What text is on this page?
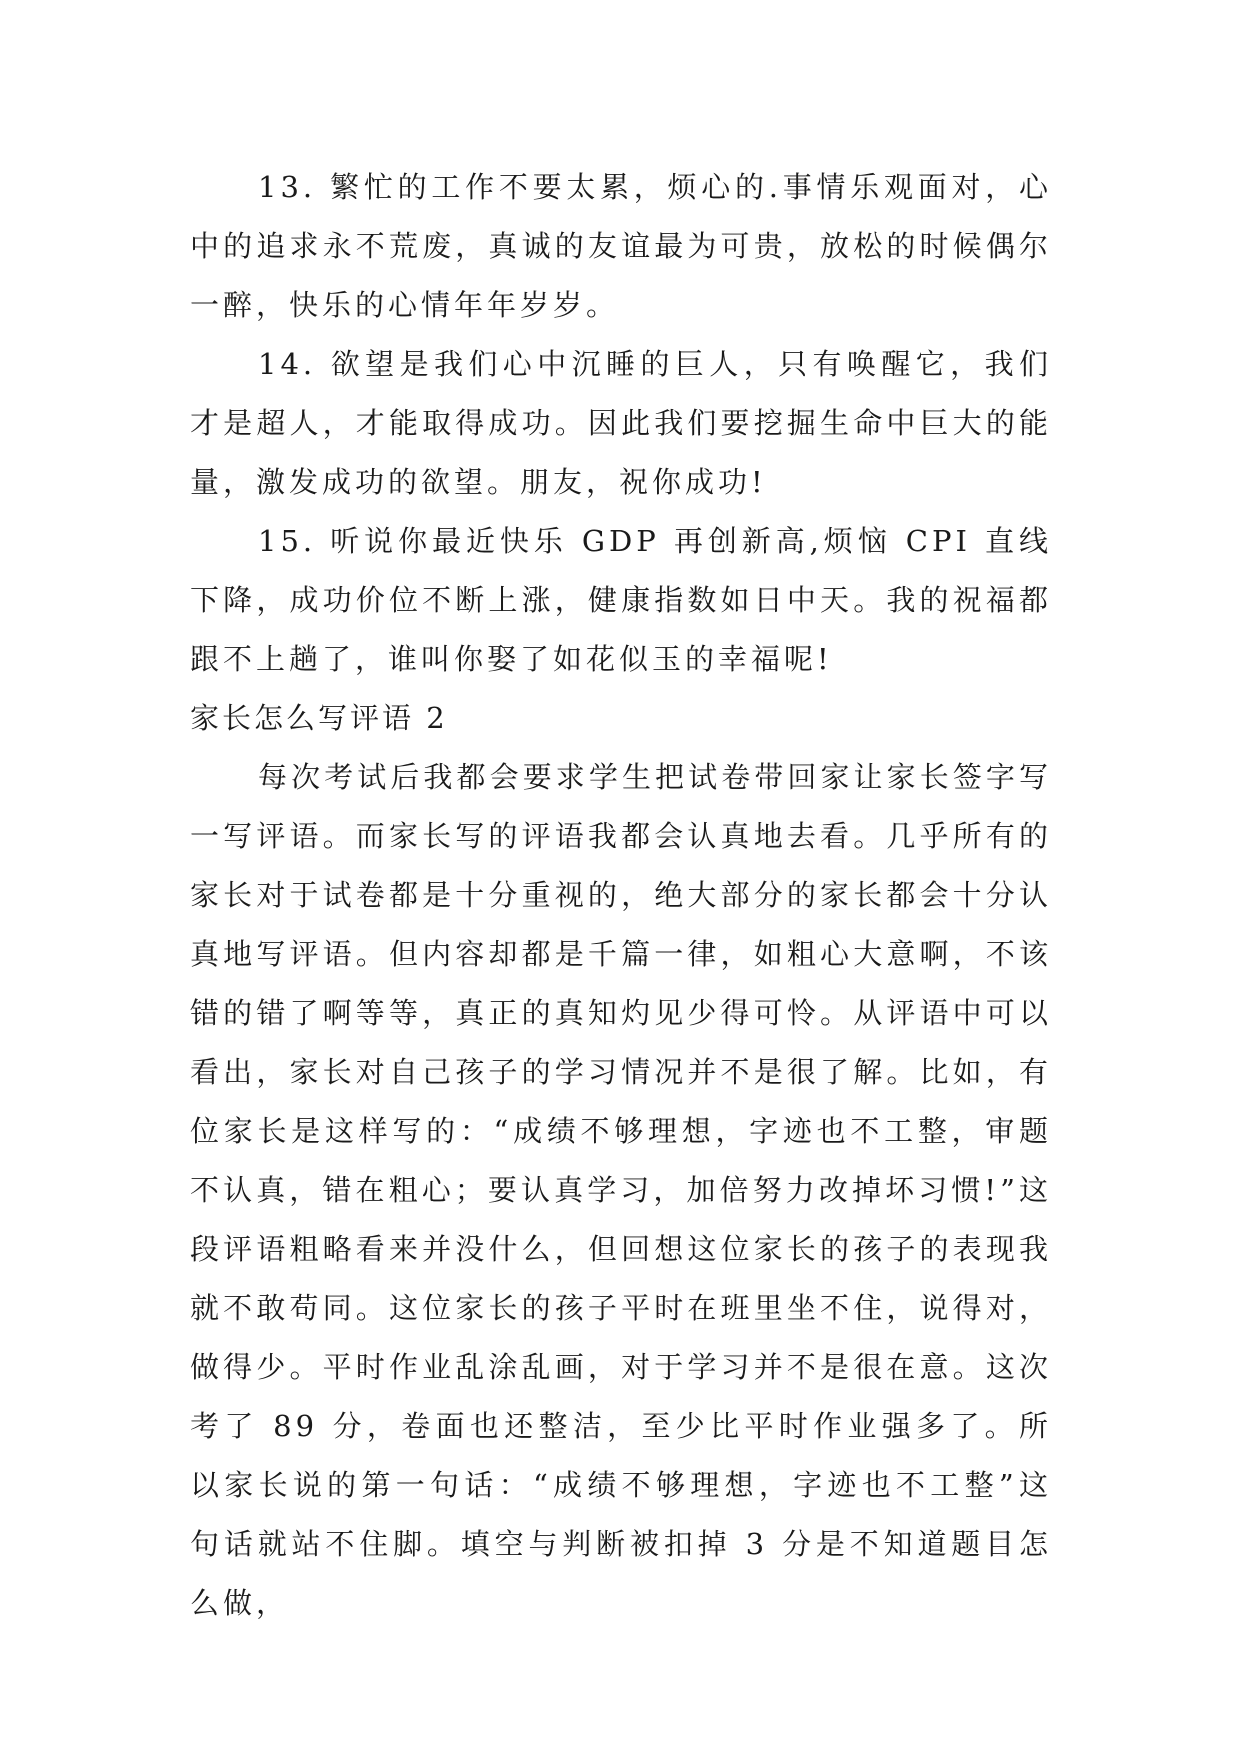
13. 繁忙的工作不要太累，烦心的.事情乐观面对，心中的追求永不荒废，真诚的友谊最为可贵，放松的时候偶尔一醉，快乐的心情年年岁岁。

14. 欲望是我们心中沉睡的巨人，只有唤醒它，我们才是超人，才能取得成功。因此我们要挖掘生命中巨大的能量，激发成功的欲望。朋友，祝你成功!

15. 听说你最近快乐 GDP 再创新高,烦恼 CPI 直线下降，成功价位不断上涨，健康指数如日中天。我的祝福都跟不上趟了，谁叫你娶了如花似玉的幸福呢!

家长怎么写评语 2

每次考试后我都会要求学生把试卷带回家让家长签字写一写评语。而家长写的评语我都会认真地去看。几乎所有的家长对于试卷都是十分重视的，绝大部分的家长都会十分认真地写评语。但内容却都是千篇一律，如粗心大意啊，不该错的错了啊等等，真正的真知灼见少得可怜。从评语中可以看出，家长对自己孩子的学习情况并不是很了解。比如，有位家长是这样写的：“成绩不够理想，字迹也不工整，审题不认真，错在粗心；要认真学习，加倍努力改掉坏习惯!”这段评语粗略看来并没什么，但回想这位家长的孩子的表现我就不敢苟同。这位家长的孩子平时在班里坐不住，说得对，做得少。平时作业乱涂乱画，对于学习并不是很在意。这次考了 89 分，卷面也还整洁，至少比平时作业强多了。所以家长说的第一句话：“成绩不够理想，字迹也不工整”这句话就站不住脚。填空与判断被扣掉 3 分是不知道题目怎么做，
